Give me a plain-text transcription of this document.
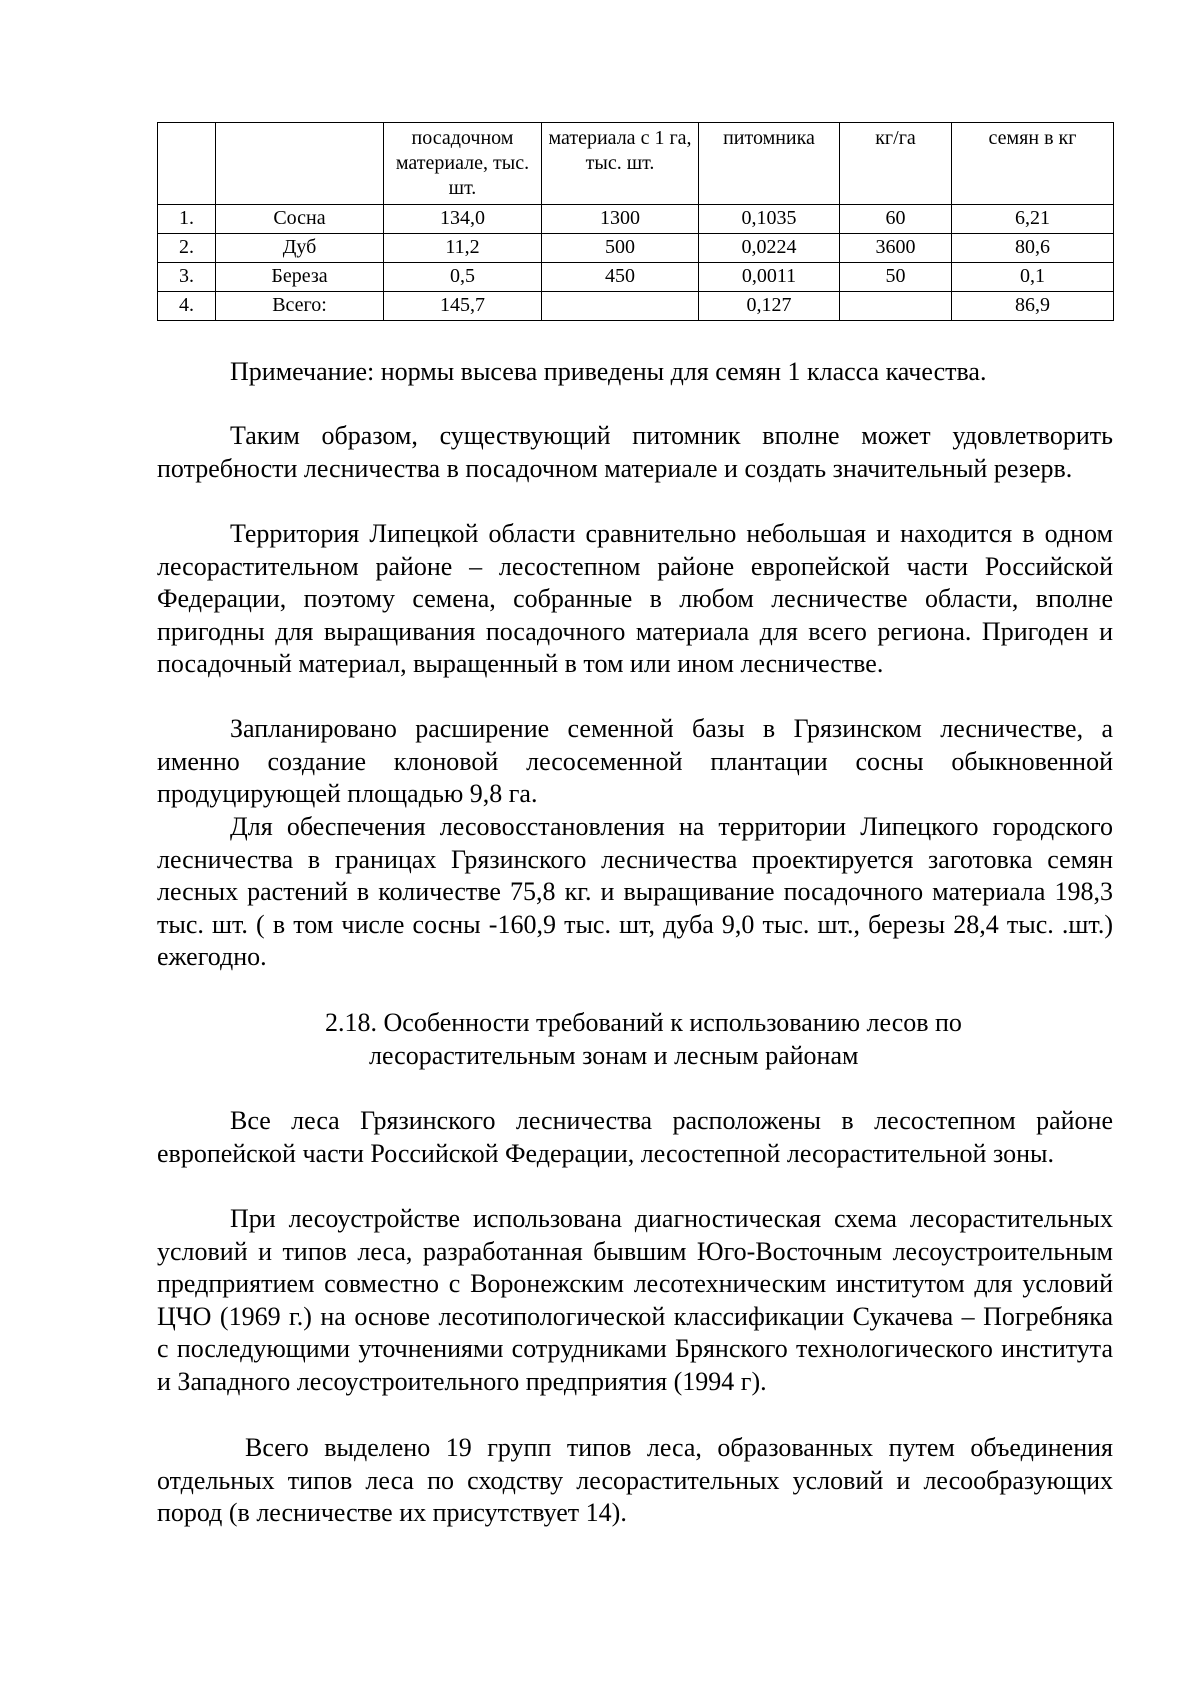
		посадочном материале, тыс. шт.	материала с 1 га, тыс. шт.	питомника	кг/га	семян в кг
1.	Сосна	134,0	1300	0,1035	60	6,21
2.	Дуб	11,2	500	0,0224	3600	80,6
3.	Береза	0,5	450	0,0011	50	0,1
4.	Всего:	145,7		0,127		86,9

Примечание: нормы высева приведены для семян 1 класса качества.

Таким образом, существующий питомник вполне может удовлетворить потребности лесничества в посадочном материале и создать значительный резерв.

Территория Липецкой области сравнительно небольшая и находится в одном лесорастительном районе – лесостепном районе европейской части Российской Федерации, поэтому семена, собранные в любом лесничестве области, вполне пригодны для выращивания посадочного материала для всего региона. Пригоден и посадочный материал, выращенный в том или ином лесничестве.

Запланировано расширение семенной базы в Грязинском лесничестве, а именно создание клоновой лесосеменной плантации сосны обыкновенной продуцирующей площадью 9,8 га.

Для обеспечения лесовосстановления на территории Липецкого городского лесничества в границах Грязинского лесничества проектируется заготовка семян лесных растений в количестве 75,8 кг. и выращивание посадочного материала 198,3 тыс. шт. ( в том числе сосны -160,9 тыс. шт, дуба 9,0 тыс. шт., березы 28,4 тыс. .шт.) ежегодно.

2.18. Особенности требований к использованию лесов по
лесорастительным зонам и лесным районам

Все леса Грязинского лесничества расположены в лесостепном районе европейской части Российской Федерации, лесостепной лесорастительной зоны.

При лесоустройстве использована диагностическая схема лесорастительных условий и типов леса, разработанная бывшим Юго-Восточным лесоустроительным предприятием совместно с Воронежским лесотехническим институтом для условий ЦЧО (1969 г.) на основе лесотипологической классификации Сукачева – Погребняка с последующими уточнениями сотрудниками Брянского технологического института и Западного лесоустроительного предприятия (1994 г).

Всего выделено 19 групп типов леса, образованных путем объединения отдельных типов леса по сходству лесорастительных условий и лесообразующих пород (в лесничестве их присутствует 14).
